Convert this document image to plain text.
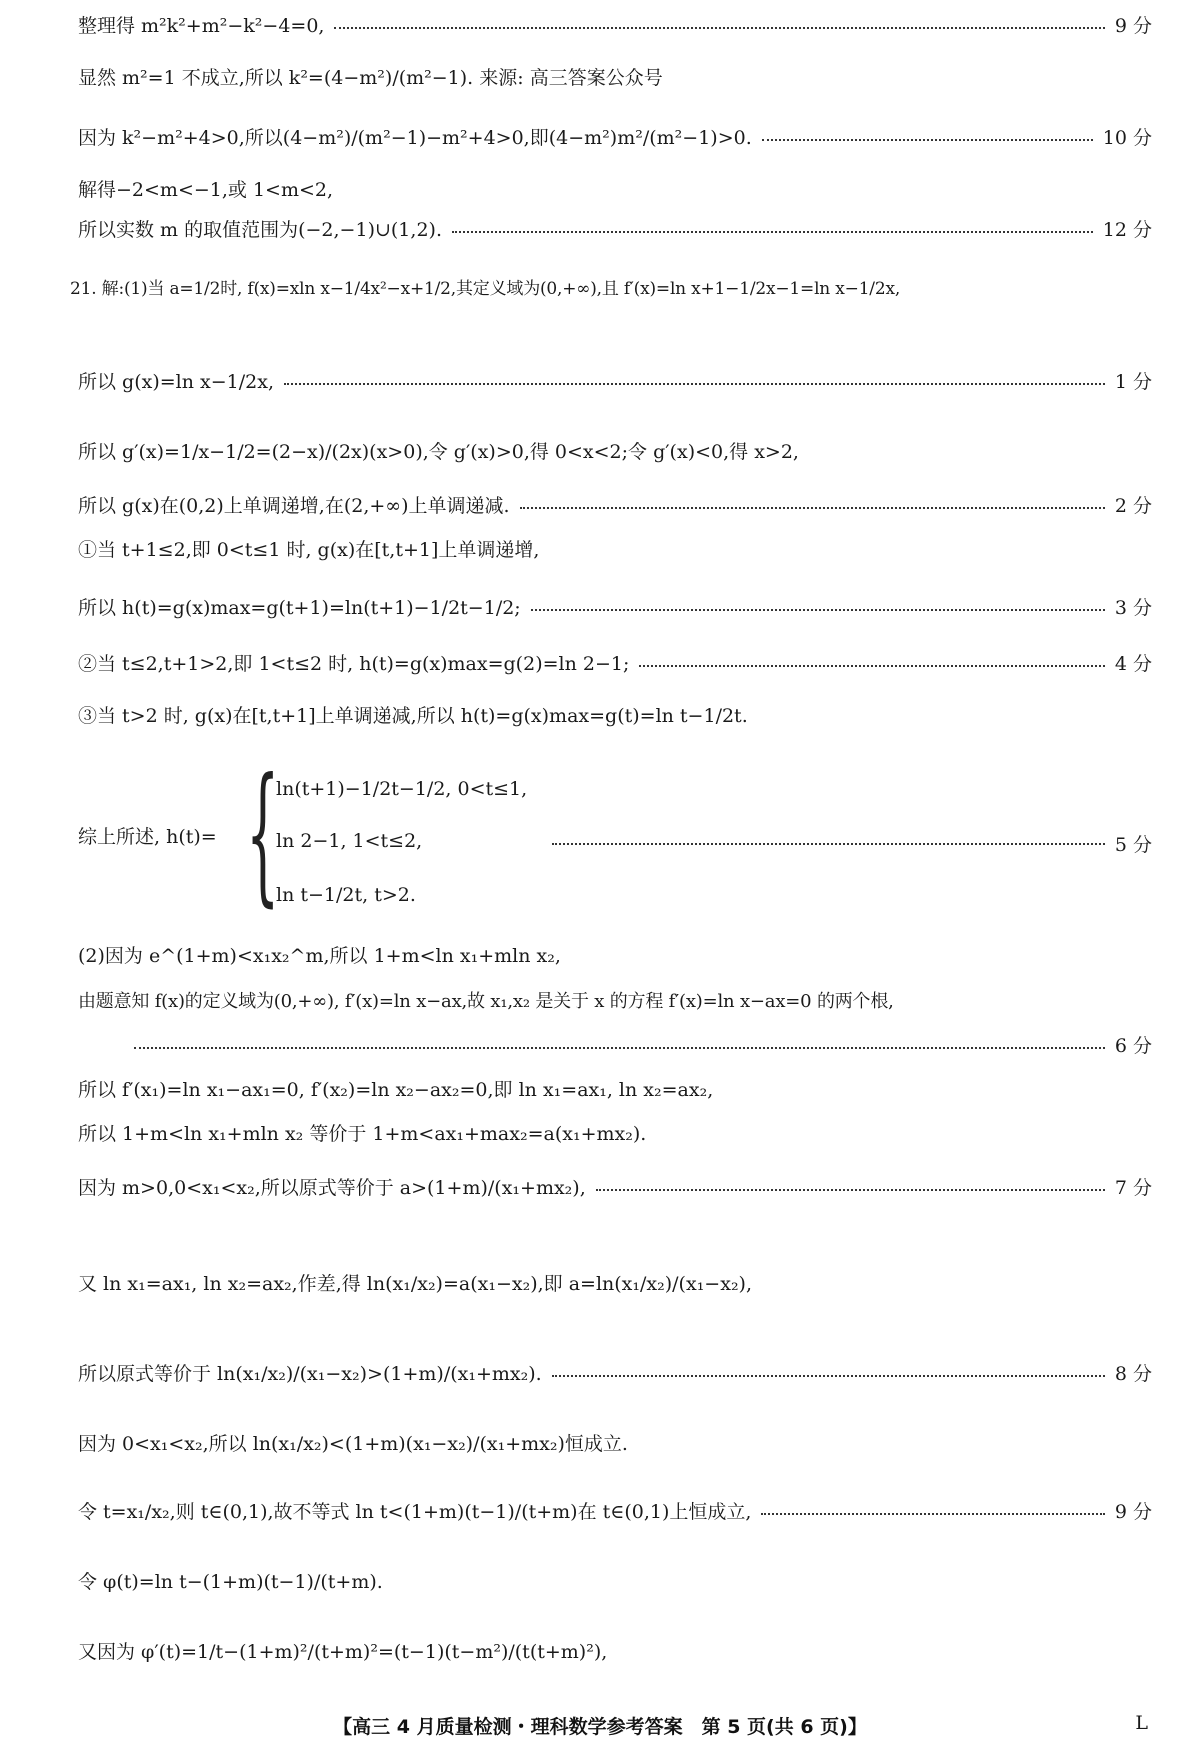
整理得 m²k²+m²−k²−4=0,	9 分
显然 m²=1 不成立,所以 k²=(4−m²)/(m²−1). 来源: 高三答案公众号
因为 k²−m²+4>0,所以(4−m²)/(m²−1)−m²+4>0,即(4−m²)m²/(m²−1)>0.	10 分
解得−2<m<−1,或 1<m<2,
所以实数 m 的取值范围为(−2,−1)∪(1,2).	12 分
21. 解:(1)当 a=1/2时, f(x)=xln x−1/4x²−x+1/2,其定义域为(0,+∞),且 f′(x)=ln x+1−1/2x−1=ln x−1/2x,
所以 g(x)=ln x−1/2x,	1 分
所以 g′(x)=1/x−1/2=(2−x)/(2x)(x>0),令 g′(x)>0,得 0<x<2;令 g′(x)<0,得 x>2,
所以 g(x)在(0,2)上单调递增,在(2,+∞)上单调递减.	2 分
①当 t+1≤2,即 0<t≤1 时, g(x)在[t,t+1]上单调递增,
所以 h(t)=g(x)max=g(t+1)=ln(t+1)−1/2t−1/2;	3 分
②当 t≤2,t+1>2,即 1<t≤2 时, h(t)=g(x)max=g(2)=ln 2−1;	4 分
③当 t>2 时, g(x)在[t,t+1]上单调递减,所以 h(t)=g(x)max=g(t)=ln t−1/2t.
综上所述, h(t)= {
ln(t+1)−1/2t−1/2, 0<t≤1,
ln 2−1, 1<t≤2,
ln t−1/2t, t>2.
5 分
(2)因为 e^(1+m)<x₁x₂^m,所以 1+m<ln x₁+mln x₂,
由题意知 f(x)的定义域为(0,+∞), f′(x)=ln x−ax,故 x₁,x₂ 是关于 x 的方程 f′(x)=ln x−ax=0 的两个根,
6 分
所以 f′(x₁)=ln x₁−ax₁=0, f′(x₂)=ln x₂−ax₂=0,即 ln x₁=ax₁, ln x₂=ax₂,
所以 1+m<ln x₁+mln x₂ 等价于 1+m<ax₁+max₂=a(x₁+mx₂).
因为 m>0,0<x₁<x₂,所以原式等价于 a>(1+m)/(x₁+mx₂),	7 分
又 ln x₁=ax₁, ln x₂=ax₂,作差,得 ln(x₁/x₂)=a(x₁−x₂),即 a=ln(x₁/x₂)/(x₁−x₂),
所以原式等价于 ln(x₁/x₂)/(x₁−x₂)>(1+m)/(x₁+mx₂).	8 分
因为 0<x₁<x₂,所以 ln(x₁/x₂)<(1+m)(x₁−x₂)/(x₁+mx₂)恒成立.
令 t=x₁/x₂,则 t∈(0,1),故不等式 ln t<(1+m)(t−1)/(t+m)在 t∈(0,1)上恒成立,	9 分
令 φ(t)=ln t−(1+m)(t−1)/(t+m).
又因为 φ′(t)=1/t−(1+m)²/(t+m)²=(t−1)(t−m²)/(t(t+m)²),
【高三 4 月质量检测・理科数学参考答案　第 5 页(共 6 页)】	L
